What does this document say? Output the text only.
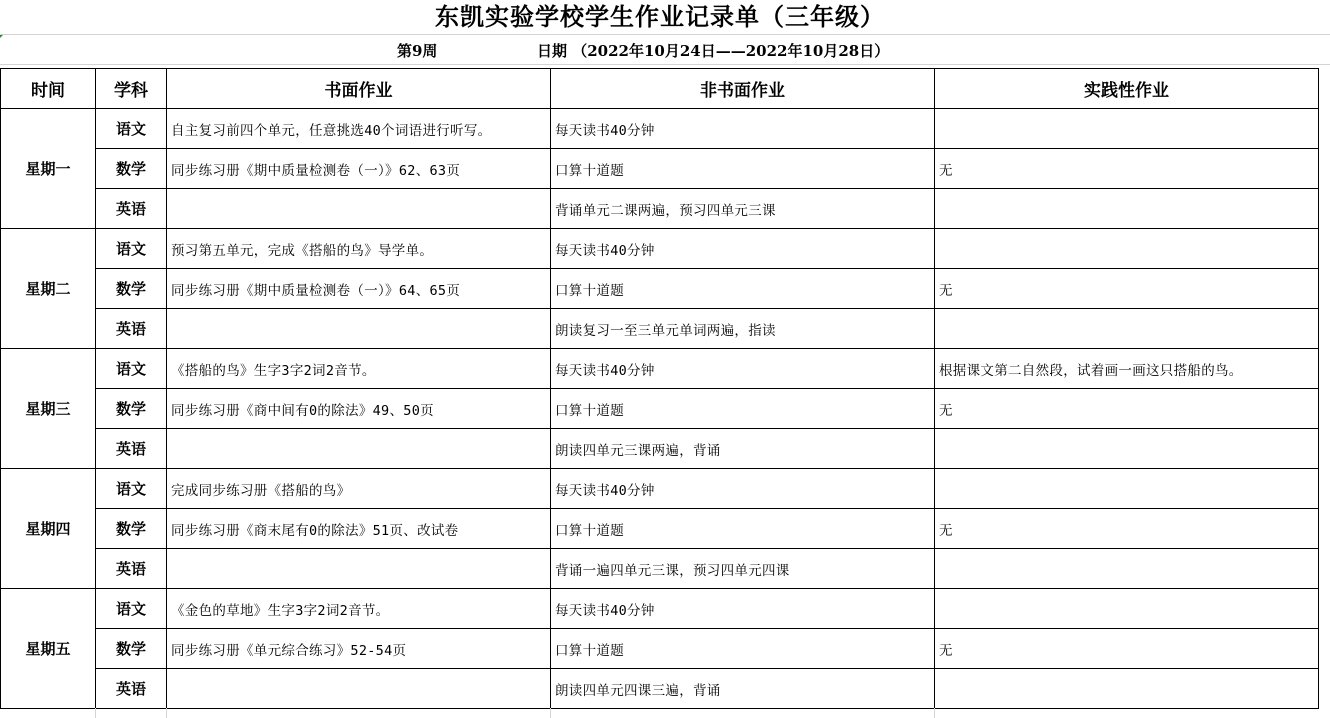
东凯实验学校学生作业记录单（三年级）
第9周	日期 （2022年10月24日——2022年10月28日）
时间	学科	书面作业	非书面作业	实践性作业
星期一	语文	自主复习前四个单元，任意挑选40个词语进行听写。	每天读书40分钟	
	数学	同步练习册《期中质量检测卷（一）》62、63页	口算十道题	无
	英语		背诵单元二课两遍，预习四单元三课	
星期二	语文	预习第五单元，完成《搭船的鸟》导学单。	每天读书40分钟	
	数学	同步练习册《期中质量检测卷（一）》64、65页	口算十道题	无
	英语		朗读复习一至三单元单词两遍，指读	
星期三	语文	《搭船的鸟》生字3字2词2音节。	每天读书40分钟	根据课文第二自然段，试着画一画这只搭船的鸟。
	数学	同步练习册《商中间有0的除法》49、50页	口算十道题	无
	英语		朗读四单元三课两遍，背诵	
星期四	语文	完成同步练习册《搭船的鸟》	每天读书40分钟	
	数学	同步练习册《商末尾有0的除法》51页、改试卷	口算十道题	无
	英语		背诵一遍四单元三课，预习四单元四课	
星期五	语文	《金色的草地》生字3字2词2音节。	每天读书40分钟	
	数学	同步练习册《单元综合练习》52-54页	口算十道题	无
	英语		朗读四单元四课三遍，背诵	
